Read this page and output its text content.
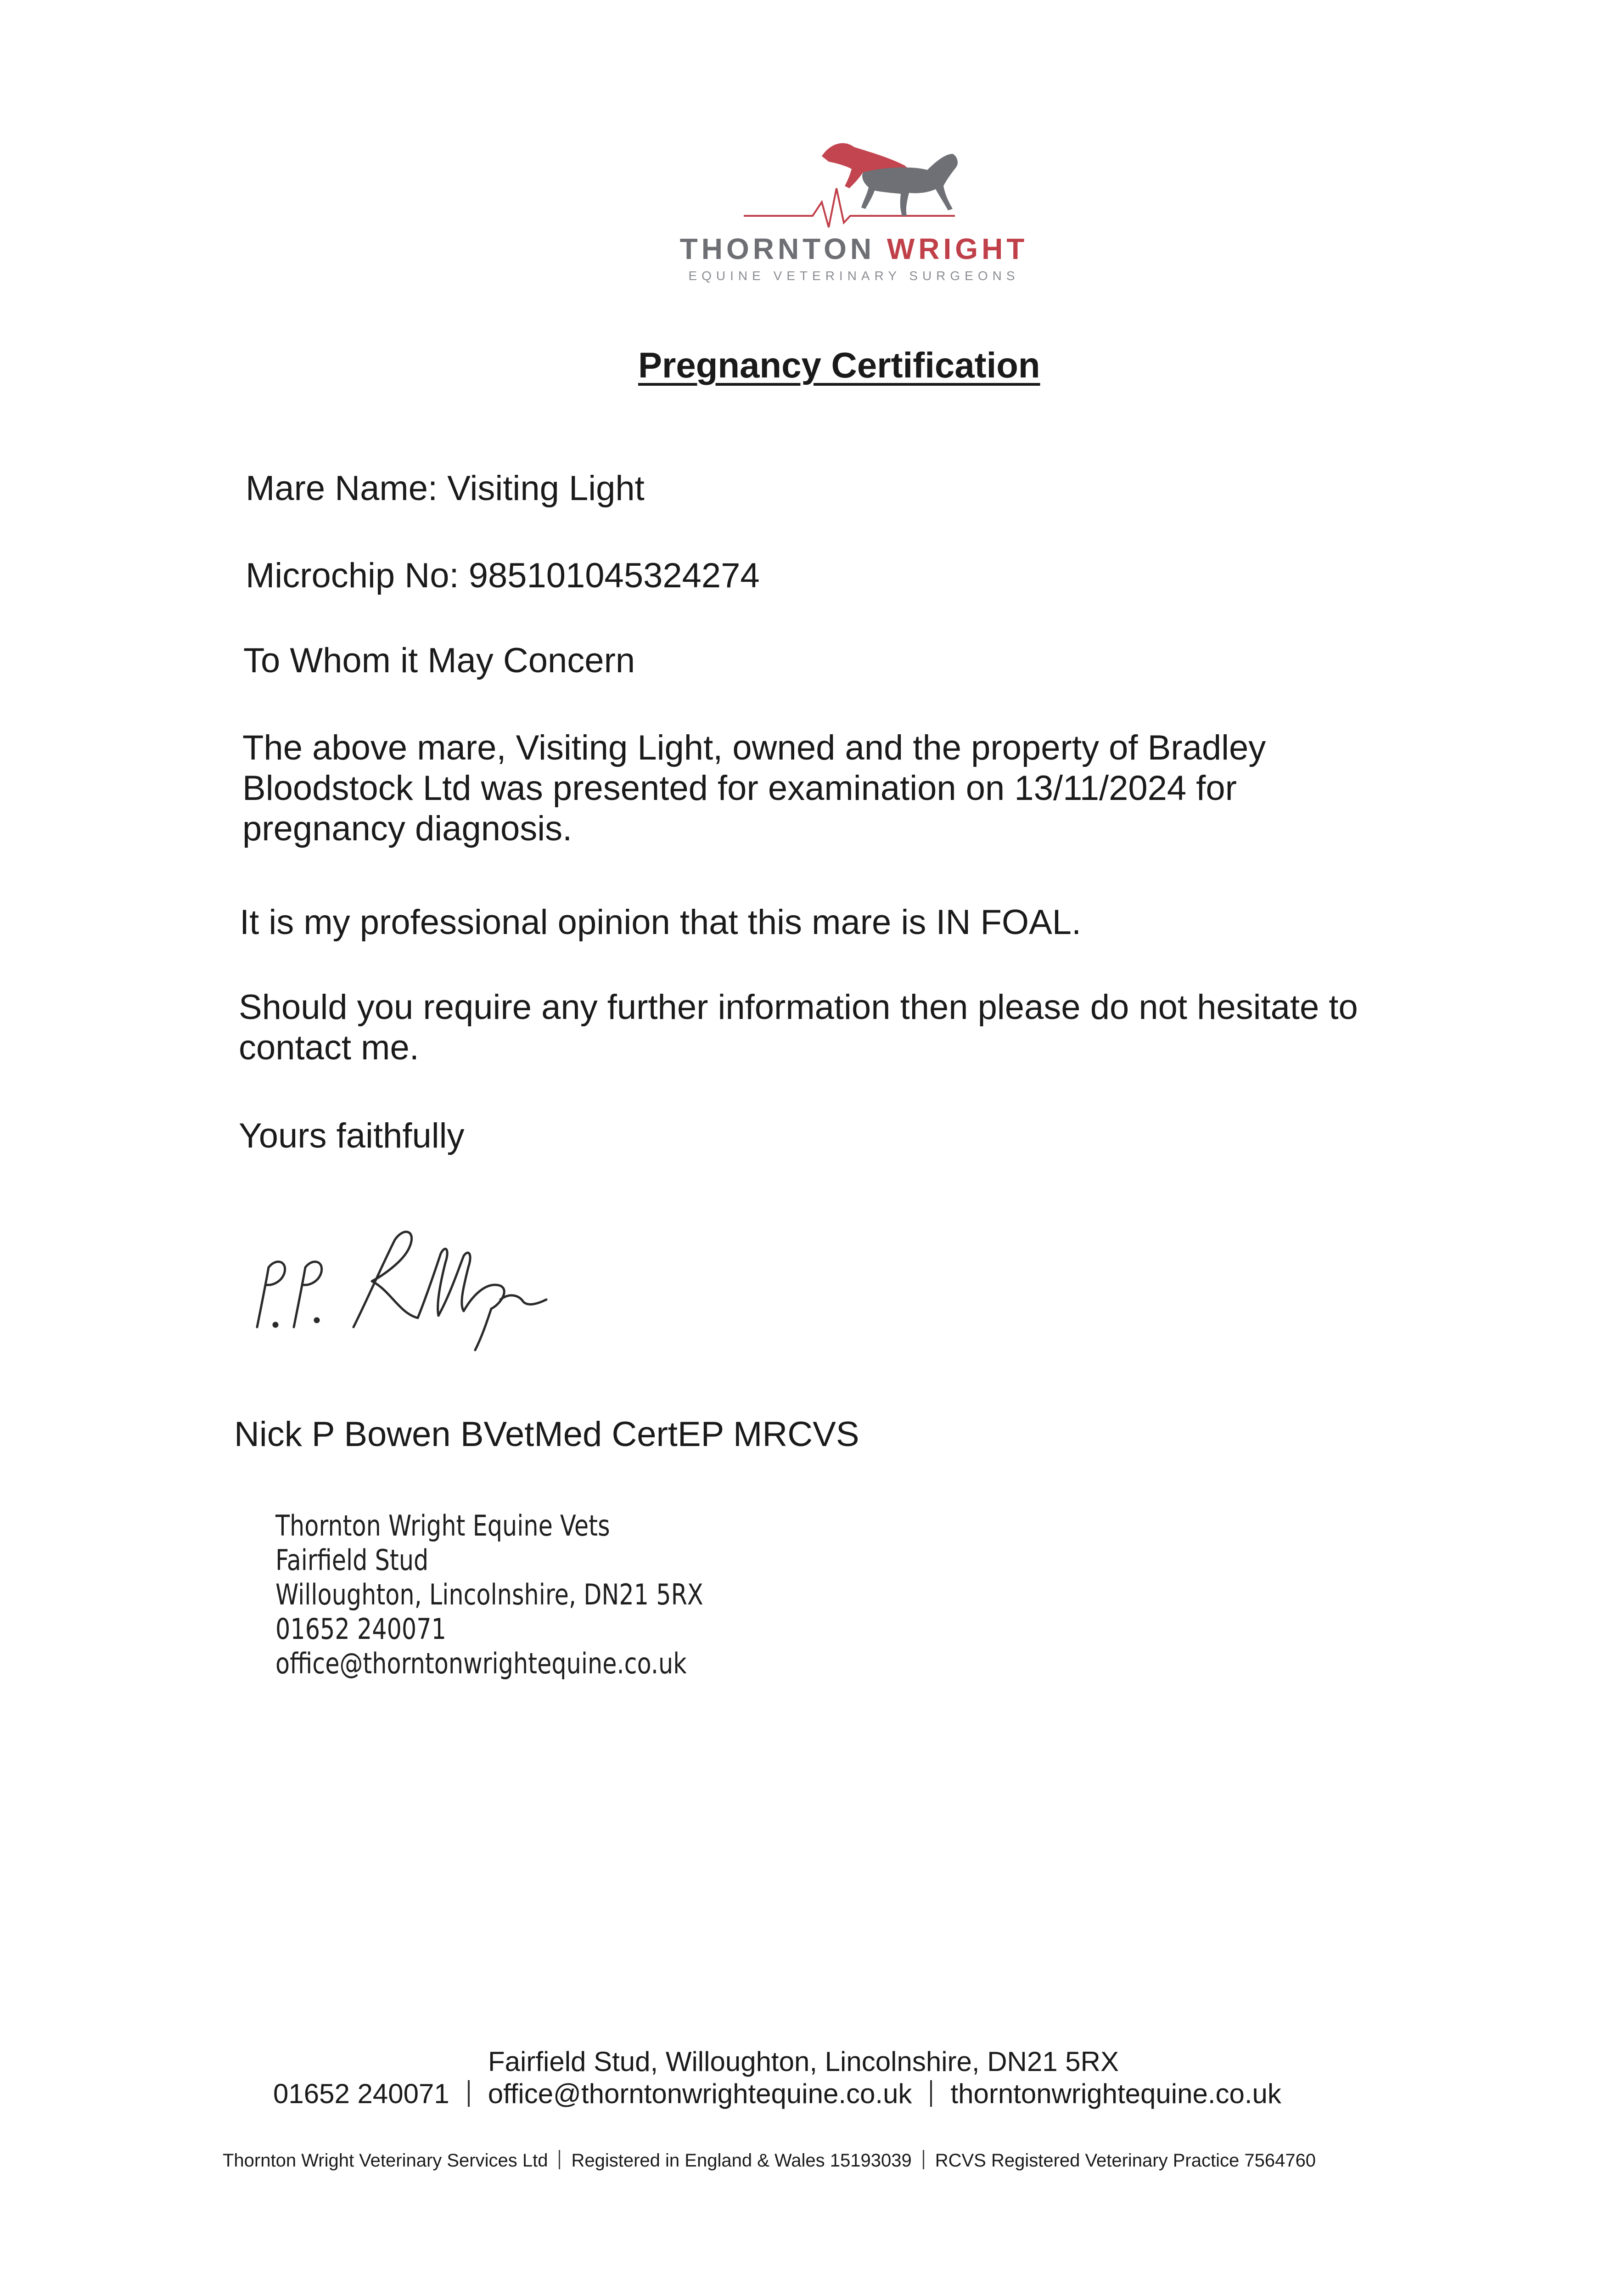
THORNTON WRIGHT
EQUINE VETERINARY SURGEONS
Pregnancy Certification
Mare Name: Visiting Light
Microchip No: 985101045324274
To Whom it May Concern
The above mare, Visiting Light, owned and the property of Bradley
Bloodstock Ltd was presented for examination on 13/11/2024 for
pregnancy diagnosis.
It is my professional opinion that this mare is IN FOAL.
Should you require any further information then please do not hesitate to
contact me.
Yours faithfully
Nick P Bowen BVetMed CertEP MRCVS
Thornton Wright Equine Vets
Fairfield Stud
Willoughton, Lincolnshire, DN21 5RX
01652 240071
office@thorntonwrightequine.co.uk
Fairfield Stud, Willoughton, Lincolnshire, DN21 5RX
01652 240071 office@thorntonwrightequine.co.uk thorntonwrightequine.co.uk
Thornton Wright Veterinary Services Ltd Registered in England & Wales 15193039 RCVS Registered Veterinary Practice 7564760
